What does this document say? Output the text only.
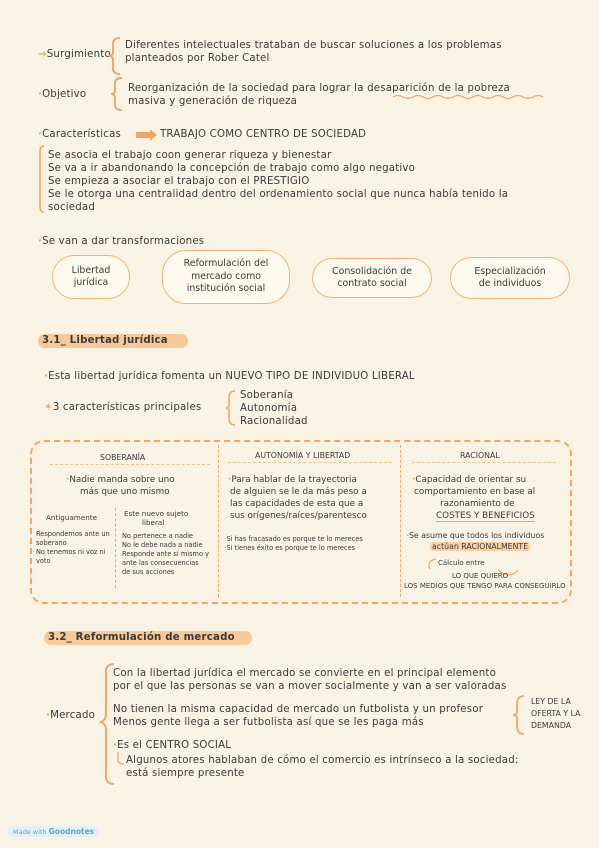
→Surgimiento
Diferentes intelectuales trataban de buscar soluciones a los problemas
planteados por Rober Catel
·Objetivo
Reorganización de la sociedad para lograr la desaparición de la pobreza
masiva y generación de riqueza
·Características	TRABAJO COMO CENTRO DE SOCIEDAD
Se asocia el trabajo coon generar riqueza y bienestar
Se va a ir abandonando la concepción de trabajo como algo negativo
Se empieza a asociar el trabajo con el PRESTIGIO
Se le otorga una centralidad dentro del ordenamiento social que nunca había tenido la
sociedad
·Se van a dar transformaciones
Libertad
jurídica
Reformulación del
mercado como
institución social
Consolidación de
contrato social
Especialización
de individuos
3.1_ Libertad jurídica
·Esta libertad jurídica fomenta un NUEVO TIPO DE INDIVIDUO LIBERAL
✶3 características principales
Soberanía
Autonomía
Racionalidad
SOBERANÍA
·Nadie manda sobre uno
más que uno mismo
Antiguamente
Respondemos ante un
soberano
No tenemos ni voz ni
voto
Este nuevo sujeto
liberal
No pertenece a nadie
No le debe nada a nadie
Responde ante sí mismo y
ante las consecuencias
de sus acciones
AUTONOMÍA Y LIBERTAD
·Para hablar de la trayectoria
de alguien se le da más peso a
las capacidades de esta que a
sus orígenes/raíces/parentesco
·Si has fracasado es porque te lo mereces
·Si tienes éxito es porque te lo mereces
RACIONAL
·Capacidad de orientar su
comportamiento en base al
razonamiento de
COSTES Y BENEFICIOS
·Se asume que todos los individuos
actúan RACIONALMENTE
Cálculo entre
LO QUE QUIERO
LOS MEDIOS QUE TENGO PARA CONSEGUIRLO
3.2_ Reformulación de mercado
·Mercado
Con la libertad jurídica el mercado se convierte en el principal elemento
por el que las personas se van a mover socialmente y van a ser valoradas
No tienen la misma capacidad de mercado un futbolista y un profesor
Menos gente llega a ser futbolista así que se les paga más
LEY DE LA
OFERTA Y LA
DEMANDA
·Es el CENTRO SOCIAL
Algunos atores hablaban de cómo el comercio es intrínseco a la sociedad:
está siempre presente
Made with Goodnotes
